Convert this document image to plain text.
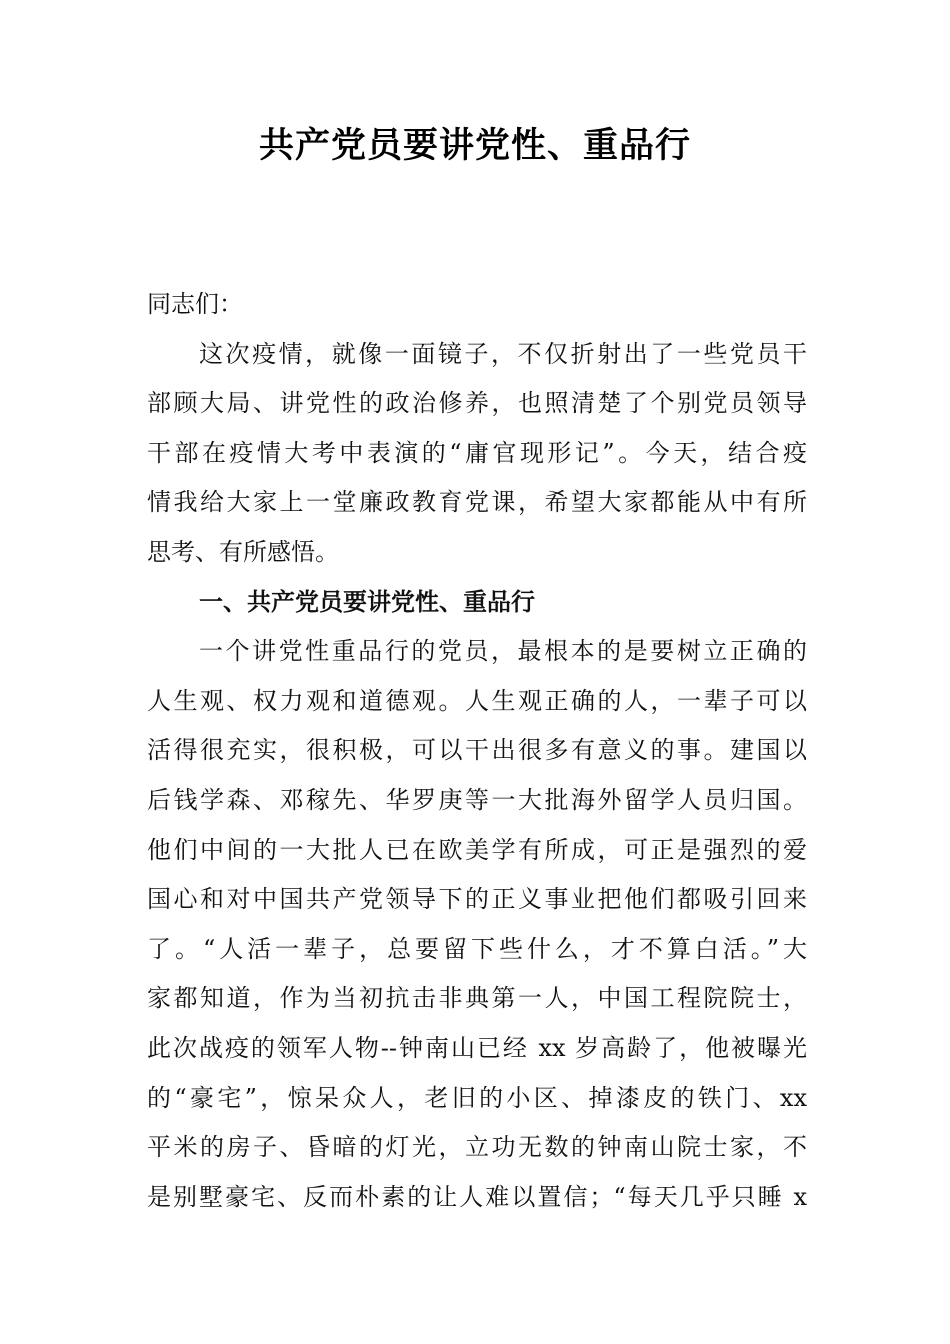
共产党员要讲党性、重品行
同志们：
这次疫情，就像一面镜子，不仅折射出了一些党员干
部顾大局、讲党性的政治修养，也照清楚了个别党员领导
干部在疫情大考中表演的“庸官现形记”。今天，结合疫
情我给大家上一堂廉政教育党课，希望大家都能从中有所
思考、有所感悟。
一、共产党员要讲党性、重品行
一个讲党性重品行的党员，最根本的是要树立正确的
人生观、权力观和道德观。人生观正确的人，一辈子可以
活得很充实，很积极，可以干出很多有意义的事。建国以
后钱学森、邓稼先、华罗庚等一大批海外留学人员归国。
他们中间的一大批人已在欧美学有所成，可正是强烈的爱
国心和对中国共产党领导下的正义事业把他们都吸引回来
了。“人活一辈子，总要留下些什么，才不算白活。”大
家都知道，作为当初抗击非典第一人，中国工程院院士，
此次战疫的领军人物--钟南山已经 xx 岁高龄了，他被曝光
的“豪宅”，惊呆众人，老旧的小区、掉漆皮的铁门、xx
平米的房子、昏暗的灯光，立功无数的钟南山院士家，不
是别墅豪宅、反而朴素的让人难以置信；“每天几乎只睡 x
